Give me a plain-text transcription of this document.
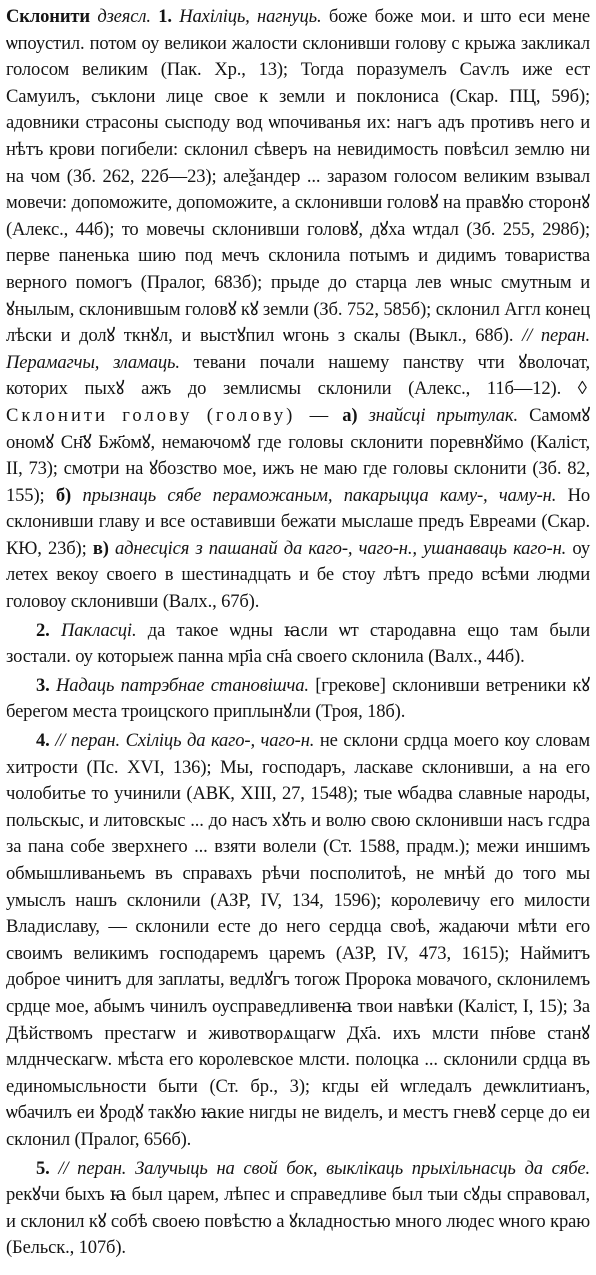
Склонити дзеясл. 1. Нахіліць, нагнуць. боже боже мои. и што еси мене ѡпоустил. потом оу великои жалости склонивши голову с крыжа закликал голосом великим (Пак. Хр., 13); Тогда поразумелъ Саѵлъ иже ест Самуилъ, съклони лице свое к земли и поклониса (Скар. ПЦ, 59б); адовники страсоны сысподу вод ѡпочиванья их: нагъ адъ противъ него и нѣтъ крови погибели: склонил сѣверъ на невидимость повѣсил землю ни на чом (Зб. 262, 22б—23); алеѯандер ... заразом голосом великим взывал мовечи: допоможите, допоможите, а склонивши головꙋ на правꙋю сторонꙋ (Алекс., 44б); то мовечы склонивши головꙋ, дꙋха ѡтдал (Зб. 255, 298б); перве паненька шию под мечъ склонила потымъ и дидимъ товариства верного помогъ (Пралог, 683б); прыде до старца лев ѡныс смутным и ꙋнылым, склонившым головꙋ кꙋ земли (Зб. 752, 585б); склонил Аггл конец лѣски и долꙋ ткнꙋл, и выстꙋпил ѡгонь з скалы (Выкл., 68б). // перан. Перамагчы, зламаць. тевани почали нашему панству чти ꙋволочат, которих пыхꙋ ажъ до землисмы склонили (Алекс., 11б—12). ◊ Склонити голову (голову) — а) знайсці прытулак. Самомꙋ ономꙋ Сн҃ꙋ Бж҃омꙋ, немаючомꙋ где головы склонити поревнꙋймо (Каліст, II, 73); смотри на ꙋбозство мое, ижъ не маю где головы склонити (Зб. 82, 155); б) прызнаць сябе пераможаным, пакарыцца каму-, чаму-н. Но склонивши главу и все оставивши бежати мыслаше предъ Евреами (Скар. КЮ, 23б); в) аднесціся з пашанай да каго-, чаго-н., ушанаваць каго-н. оу летех векоу своего в шестинадцать и бе стоу лѣтъ предо всѣми людми головоу склонивши (Валх., 67б).

2. Пакласці. да такое ѡдны ꙗсли ѡт стародавна ещо там были зостали. оу которыеж панна мр҃іа сн҃а своего склонила (Валх., 44б).

3. Надаць патрэбнае становішча. [грекове] склонивши ветреники кꙋ берегом места троицского приплынꙋли (Троя, 18б).

4. // перан. Схіліць да каго-, чаго-н. не склони срдца моего коу словам хитрости (Пс. XVI, 136); Мы, господаръ, ласкаве склонивши, а на его чолобитье то учинили (АВК, XIII, 27, 1548); тые ѡбадва славные народы, польскыс, и литовскыс ... до насъ хꙋть и волю свою склонивши насъ гсдра за пана собе зверхнего ... взяти волели (Ст. 1588, прадм.); межи иншимъ обмышливаньемъ въ справахъ рѣчи посполитоѣ, не мнѣй до того мы умыслъ нашъ склонили (АЗР, IV, 134, 1596); королевичу его милости Владиславу, — склонили есте до него сердца своѣ, жадаючи мѣти его своимъ великимъ господаремъ царемъ (АЗР, IV, 473, 1615); Наймитъ доброе чинитъ для заплаты, ведлꙋгъ тогож Пророка мовачого, склонилемъ срдце мое, абымъ чинилъ оусправедливенꙗ твои навѣки (Каліст, I, 15); За Дѣйствомъ престагѡ и животворѧщагѡ Дх҃а. ихъ млсти пн҃ове станꙋ млднческагѡ. мѣста его королевское млсти. полоцка ... склонили срдца въ единомысльности быти (Ст. бр., 3); кгды ей ѡгледалъ деѡклитианъ, ѡбачилъ еи ꙋродꙋ такꙋю ꙗкие нигды не виделъ, и местъ гневꙋ серце до еи склонил (Пралог, 656б).

5. // перан. Залучыць на свой бок, выклікаць прыхільнасць да сябе. рекꙋчи быхъ ꙗ был царем, лѣпес и справедливе был тыи сꙋды справовал, и склонил кꙋ собѣ своею повѣстю а ꙋкладностью много людес ѡного краю (Бельск., 107б).
